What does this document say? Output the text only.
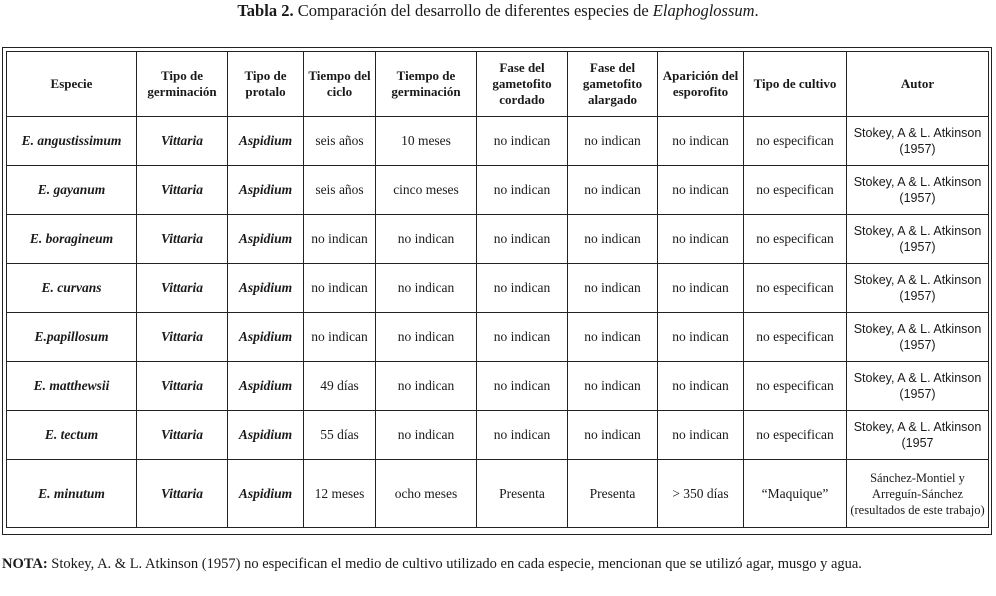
Tabla 2. Comparación del desarrollo de diferentes especies de Elaphoglossum.
Especie	Tipo de germinación	Tipo de protalo	Tiempo del ciclo	Tiempo de germinación	Fase del gametofito cordado	Fase del gametofito alargado	Aparición del esporofito	Tipo de cultivo	Autor
E. angustissimum	Vittaria	Aspidium	seis años	10 meses	no indican	no indican	no indican	no especifican	Stokey, A & L. Atkinson (1957)
E. gayanum	Vittaria	Aspidium	seis años	cinco meses	no indican	no indican	no indican	no especifican	Stokey, A & L. Atkinson (1957)
E. boragineum	Vittaria	Aspidium	no indican	no indican	no indican	no indican	no indican	no especifican	Stokey, A & L. Atkinson (1957)
E. curvans	Vittaria	Aspidium	no indican	no indican	no indican	no indican	no indican	no especifican	Stokey, A & L. Atkinson (1957)
E.papillosum	Vittaria	Aspidium	no indican	no indican	no indican	no indican	no indican	no especifican	Stokey, A & L. Atkinson (1957)
E. matthewsii	Vittaria	Aspidium	49 días	no indican	no indican	no indican	no indican	no especifican	Stokey, A & L. Atkinson (1957)
E. tectum	Vittaria	Aspidium	55 días	no indican	no indican	no indican	no indican	no especifican	Stokey, A & L. Atkinson (1957
E. minutum	Vittaria	Aspidium	12 meses	ocho meses	Presenta	Presenta	> 350 días	“Maquique”	Sánchez-Montiel y Arreguín-Sánchez (resultados de este trabajo)
NOTA: Stokey, A. & L. Atkinson (1957) no especifican el medio de cultivo utilizado en cada especie, mencionan que se utilizó agar, musgo y agua.
